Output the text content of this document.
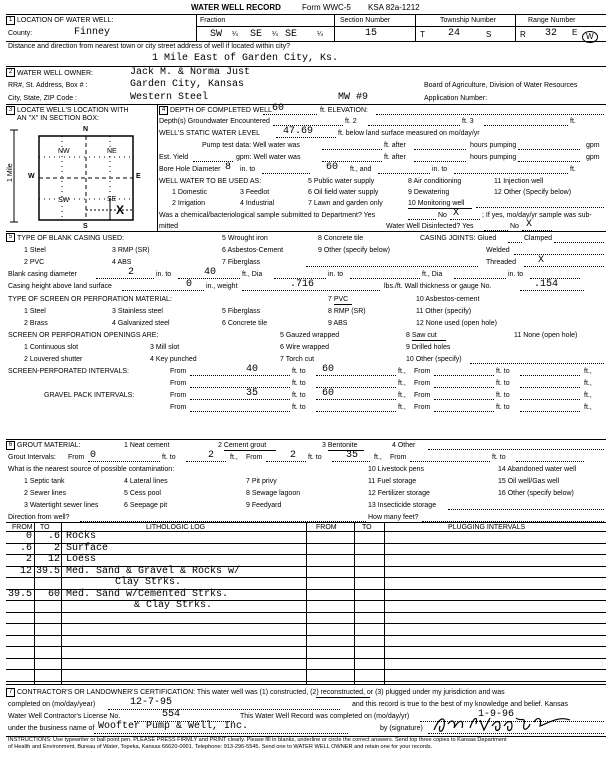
WATER WELL RECORD	Form WWC-5 KSA 82a-1212
1 LOCATION OF WATER WELL:	Fraction	Section Number	Township Number	Range Number
County:	Finney	SW ¼ SE ¼ SE	¼	15	T 24	S	R 32 E	W
Distance and direction from nearest town or city street address of well if located within city?
1 Mile East of Garden City, Ks.
2 WATER WELL OWNER:	Jack M. & Norma Just
RR#, St. Address, Box # :	Garden City, Kansas	Board of Agriculture, Division of Water Resources
City, State, ZIP Code :	Western Steel	MW #9	Application Number:
3 LOCATE WELL'S LOCATION WITH
AN "X" IN SECTION BOX:
N
S
W	E
NW	NE
SW	SE
X
1 Mile
4 DEPTH OF COMPLETED WELL 60	ft. ELEVATION:
Depth(s) Groundwater Encountered	ft. 2	ft. 3	ft.
WELL'S STATIC WATER LEVEL 47.69	ft. below land surface measured on mo/day/yr
Pump test data: Well water was	ft. after	hours pumping	gpm
Est. Yield	gpm: Well water was	ft. after	hours pumping	gpm
Bore Hole Diameter 8 in. to	60 ft., and	in. to	ft.
WELL WATER TO BE USED AS:	5 Public water supply	8 Air conditioning	11 Injection well
1 Domestic	3 Feedlot	6 Oil field water supply	9 Dewatering	12 Other (Specify below)
2 Irrigation	4 Industrial	7 Lawn and garden only	10 Monitoring well
Was a chemical/bacteriological sample submitted to Department? Yes	No X	; If yes, mo/day/yr sample was sub-
mitted	Water Well Disinfected? Yes	No X
5 TYPE OF BLANK CASING USED:	5 Wrought iron	8 Concrete tile	CASING JOINTS: Glued	Clamped
1 Steel	3 RMP (SR)	6 Asbestos-Cement	9 Other (specify below)	Welded
2 PVC	4 ABS	7 Fiberglass	Threaded X
Blank casing diameter	2	in. to	40	ft., Dia	in. to	ft., Dia	in. to
Casing height above land surface	0 in., weight	.716	lbs./ft. Wall thickness or gauge No.	.154
TYPE OF SCREEN OR PERFORATION MATERIAL:	7 PVC	10 Asbestos-cement
1 Steel	3 Stainless steel	5 Fiberglass	8 RMP (SR)	11 Other (specify)
2 Brass	4 Galvanized steel	6 Concrete tile	9 ABS	12 None used (open hole)
SCREEN OR PERFORATION OPENINGS ARE:	5 Gauzed wrapped	8 Saw cut	11 None (open hole)
1 Continuous slot	3 Mill slot	6 Wire wrapped	9 Drilled holes
2 Louvered shutter	4 Key punched	7 Torch cut	10 Other (specify)
SCREEN-PERFORATED INTERVALS:	From	40	ft. to 60	ft., From	ft. to	ft.,
From	ft. to	ft., From	ft. to	ft.,
GRAVEL PACK INTERVALS:	From	35	ft. to 60	ft., From	ft. to	ft.,
From	ft. to	ft., From	ft. to	ft.,
6 GROUT MATERIAL:	1 Neat cement	2 Cement grout	3 Bentonite	4 Other
Grout Intervals: From 0	ft. to	2 ft., From	2 ft. to 35 ft., From	ft. to
What is the nearest source of possible contamination:	10 Livestock pens	14 Abandoned water well
1 Septic tank	4 Lateral lines	7 Pit privy	11 Fuel storage	15 Oil well/Gas well
2 Sewer lines	5 Cess pool	8 Sewage lagoon	12 Fertilizer storage	16 Other (specify below)
3 Watertight sewer lines	6 Seepage pit	9 Feedyard	13 Insecticide storage
Direction from well?	How many feet?
FROM TO	LITHOLOGIC LOG	FROM	TO	PLUGGING INTERVALS
0 .6 Rocks
.6 2 Surface
2 12 Loess
12 39.5 Med. Sand & Gravel & Rocks w/
Clay Strks.
39.5 60 Med. Sand w/Cemented Strks.
& Clay Strks.
7 CONTRACTOR'S OR LANDOWNER'S CERTIFICATION: This water well was (1) constructed, (2) reconstructed, or (3) plugged under my jurisdiction and was
completed on (mo/day/year)	12-7-95	and this record is true to the best of my knowledge and belief. Kansas
Water Well Contractor's License No.	554	This Water Well Record was completed on (mo/day/yr)	1-9-96
under the business name of Woofter Pump & Well, Inc.	by (signature)
INSTRUCTIONS: Use typewriter or ball point pen. PLEASE PRESS FIRMLY and PRINT clearly. Please fill in blanks, underline or circle the correct answers. Send top three copies to Kansas Department
of Health and Environment, Bureau of Water, Topeka, Kansas 66620-0001. Telephone: 913-296-5545. Send one to WATER WELL OWNER and retain one for your records.
